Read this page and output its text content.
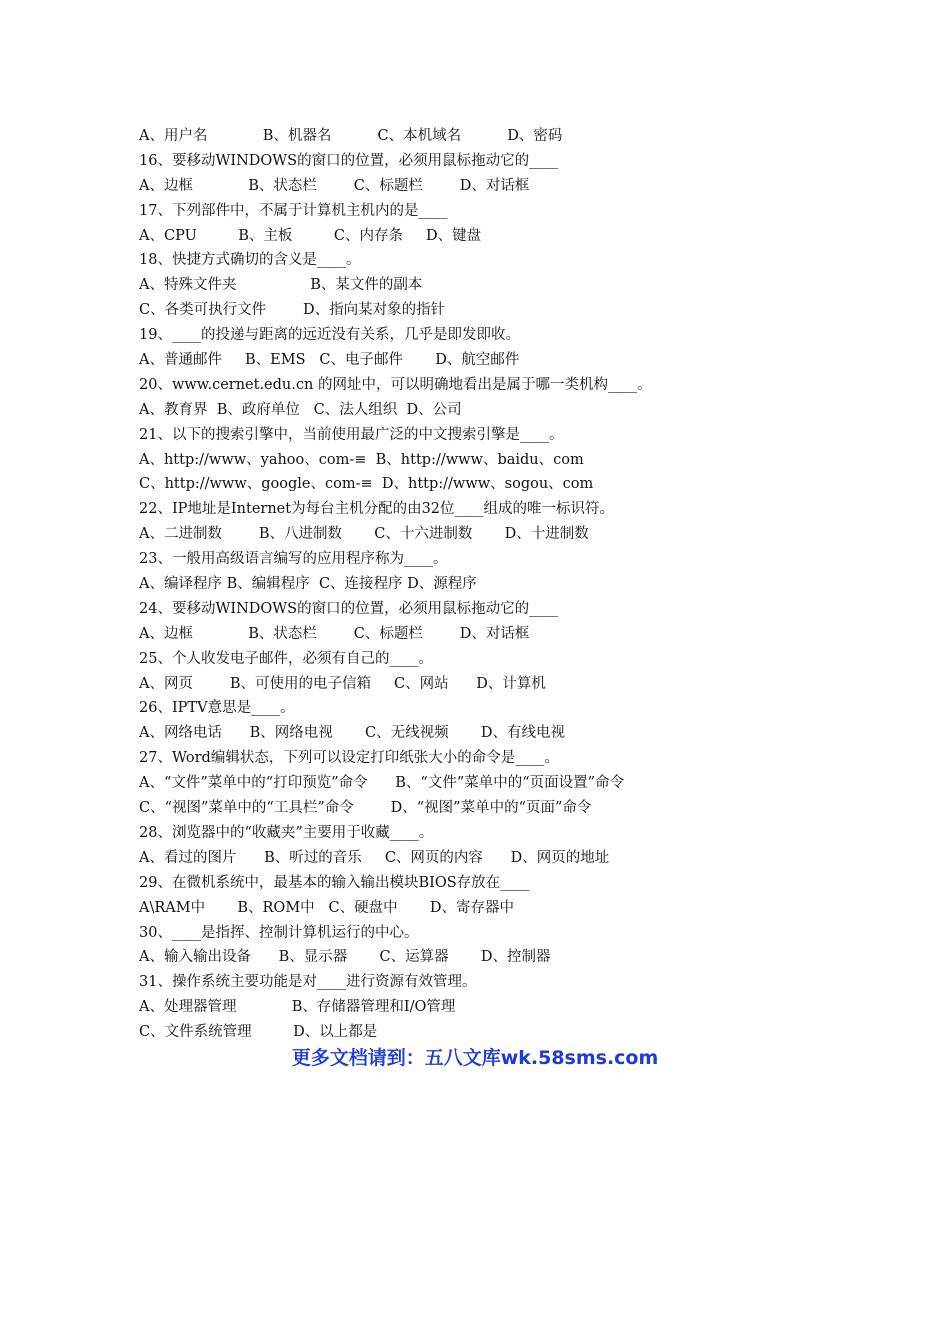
A、用户名            B、机器名          C、本机域名          D、密码
16、要移动WINDOWS的窗口的位置，必须用鼠标拖动它的____
A、边框            B、状态栏        C、标题栏        D、对话框
17、下列部件中，不属于计算机主机内的是____
A、CPU         B、主板         C、内存条     D、键盘
18、快捷方式确切的含义是____。
A、特殊文件夹                B、某文件的副本
C、各类可执行文件        D、指向某对象的指针
19、____的投递与距离的远近没有关系，几乎是即发即收。
A、普通邮件     B、EMS   C、电子邮件       D、航空邮件
20、www.cernet.edu.cn 的网址中，可以明确地看出是属于哪一类机构____。
A、教育界  B、政府单位   C、法人组织  D、公司
21、以下的搜索引擎中，当前使用最广泛的中文搜索引擎是____。
A、http://www、yahoo、com-≡  B、http://www、baidu、com
C、http://www、google、com-≡  D、http://www、sogou、com
22、IP地址是Internet为每台主机分配的由32位____组成的唯一标识符。
A、二进制数        B、八进制数       C、十六进制数       D、十进制数
23、一般用高级语言编写的应用程序称为____。
A、编译程序 B、编辑程序  C、连接程序 D、源程序
24、要移动WINDOWS的窗口的位置，必须用鼠标拖动它的____
A、边框            B、状态栏        C、标题栏        D、对话框
25、个人收发电子邮件，必须有自己的____。
A、网页        B、可使用的电子信箱     C、网站      D、计算机
26、IPTV意思是____。
A、网络电话      B、网络电视       C、无线视频       D、有线电视
27、Word编辑状态，下列可以设定打印纸张大小的命令是____。
A、“文件”菜单中的“打印预览”命令      B、“文件”菜单中的“页面设置”命令
C、“视图”菜单中的“工具栏”命令        D、“视图”菜单中的“页面”命令
28、浏览器中的“收藏夹”主要用于收藏____。
A、看过的图片      B、听过的音乐     C、网页的内容      D、网页的地址
29、在微机系统中，最基本的输入输出模块BIOS存放在____
A\RAM中       B、ROM中   C、硬盘中       D、寄存器中
30、____是指挥、控制计算机运行的中心。
A、输入输出设备      B、显示器       C、运算器       D、控制器
31、操作系统主要功能是对____进行资源有效管理。
A、处理器管理            B、存储器管理和I/O管理
C、文件系统管理         D、以上都是
更多文档请到：五八文库wk.58sms.com
